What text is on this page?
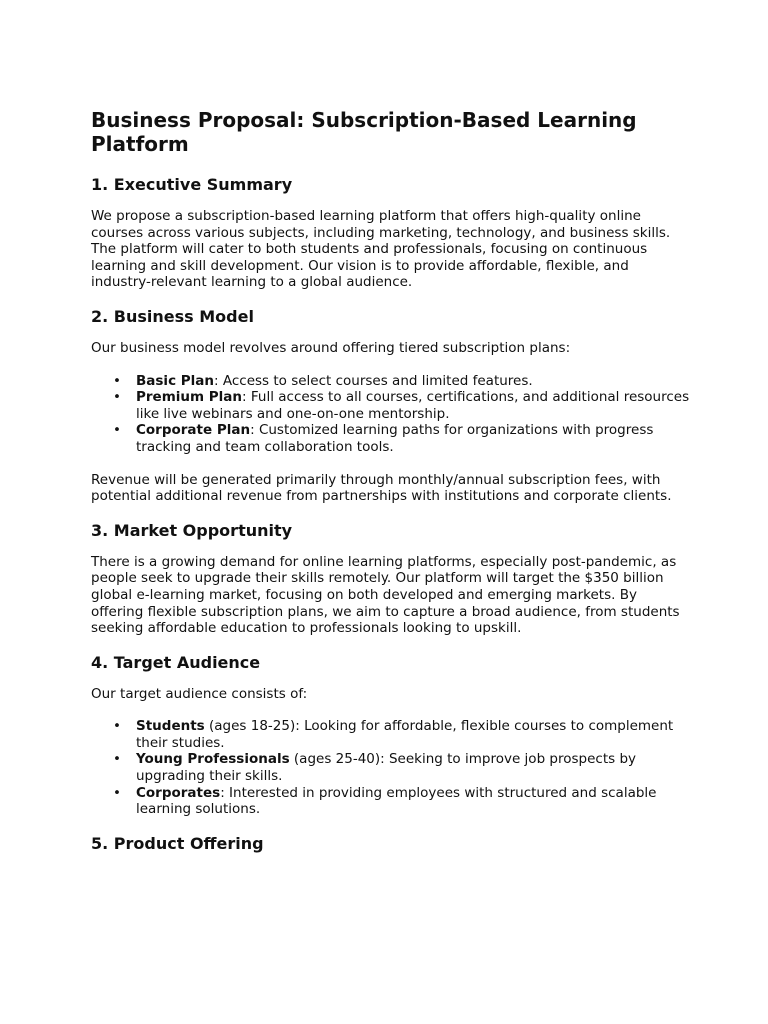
Business Proposal: Subscription-Based Learning Platform
1. Executive Summary

We propose a subscription-based learning platform that offers high-quality online courses across various subjects, including marketing, technology, and business skills. The platform will cater to both students and professionals, focusing on continuous learning and skill development. Our vision is to provide affordable, flexible, and industry-relevant learning to a global audience.

2. Business Model

Our business model revolves around offering tiered subscription plans:

• Basic Plan: Access to select courses and limited features.
• Premium Plan: Full access to all courses, certifications, and additional resources like live webinars and one-on-one mentorship.
• Corporate Plan: Customized learning paths for organizations with progress tracking and team collaboration tools.

Revenue will be generated primarily through monthly/annual subscription fees, with potential additional revenue from partnerships with institutions and corporate clients.

3. Market Opportunity

There is a growing demand for online learning platforms, especially post-pandemic, as people seek to upgrade their skills remotely. Our platform will target the $350 billion global e-learning market, focusing on both developed and emerging markets. By offering flexible subscription plans, we aim to capture a broad audience, from students seeking affordable education to professionals looking to upskill.

4. Target Audience

Our target audience consists of:

• Students (ages 18-25): Looking for affordable, flexible courses to complement their studies.
• Young Professionals (ages 25-40): Seeking to improve job prospects by upgrading their skills.
• Corporates: Interested in providing employees with structured and scalable learning solutions.
5. Product Offering
